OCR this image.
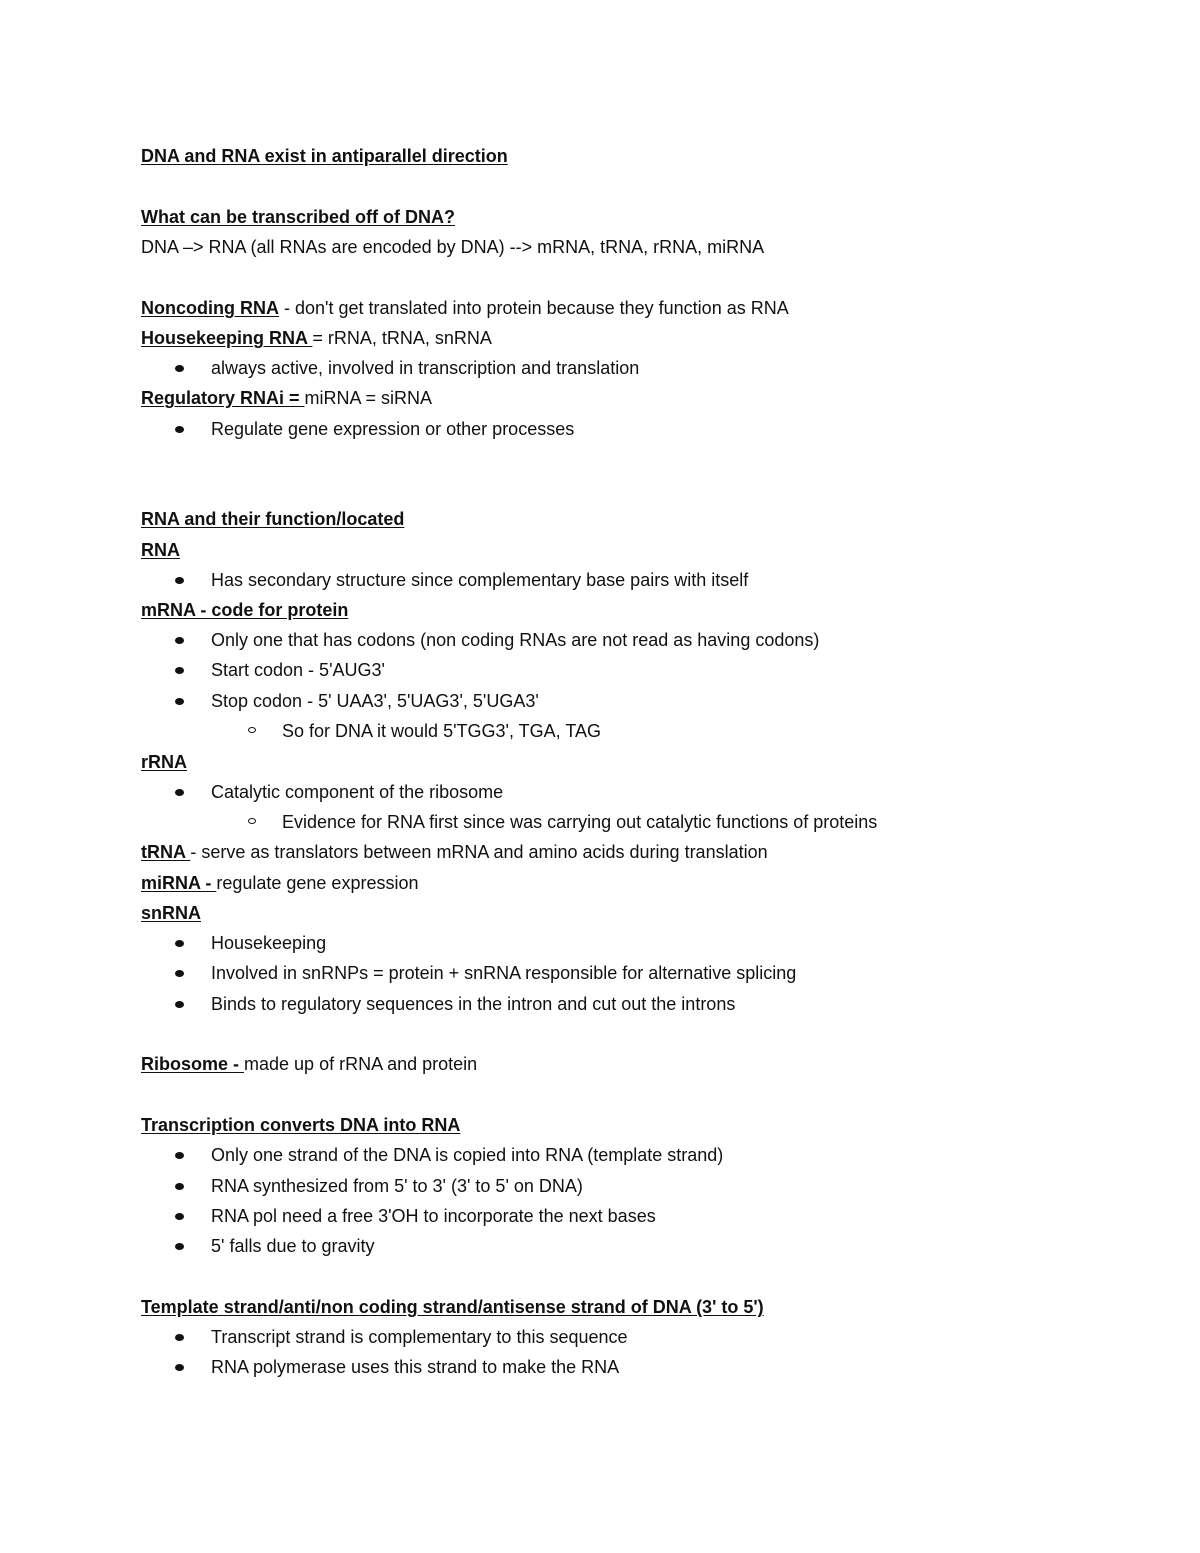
DNA and RNA exist in antiparallel direction
What can be transcribed off of DNA?
DNA –> RNA (all RNAs are encoded by DNA) --> mRNA, tRNA, rRNA, miRNA
Noncoding RNA - don't get translated into protein because they function as RNA
Housekeeping RNA = rRNA, tRNA, snRNA
always active, involved in transcription and translation
Regulatory RNAi = miRNA = siRNA
Regulate gene expression or other processes
RNA and their function/located
RNA
Has secondary structure since complementary base pairs with itself
mRNA - code for protein
Only one that has codons (non coding RNAs are not read as having codons)
Start codon - 5'AUG3'
Stop codon - 5' UAA3', 5'UAG3', 5'UGA3'
So for DNA it would 5'TGG3', TGA, TAG
rRNA
Catalytic component of the ribosome
Evidence for RNA first since was carrying out catalytic functions of proteins
tRNA - serve as translators between mRNA and amino acids during translation
miRNA - regulate gene expression
snRNA
Housekeeping
Involved in snRNPs = protein + snRNA responsible for alternative splicing
Binds to regulatory sequences in the intron and cut out the introns
Ribosome - made up of rRNA and protein
Transcription converts DNA into RNA
Only one strand of the DNA is copied into RNA (template strand)
RNA synthesized from 5' to 3' (3' to 5' on DNA)
RNA pol need a free 3'OH to incorporate the next bases
5' falls due to gravity
Template strand/anti/non coding strand/antisense strand of DNA (3' to 5')
Transcript strand is complementary to this sequence
RNA polymerase uses this strand to make the RNA
